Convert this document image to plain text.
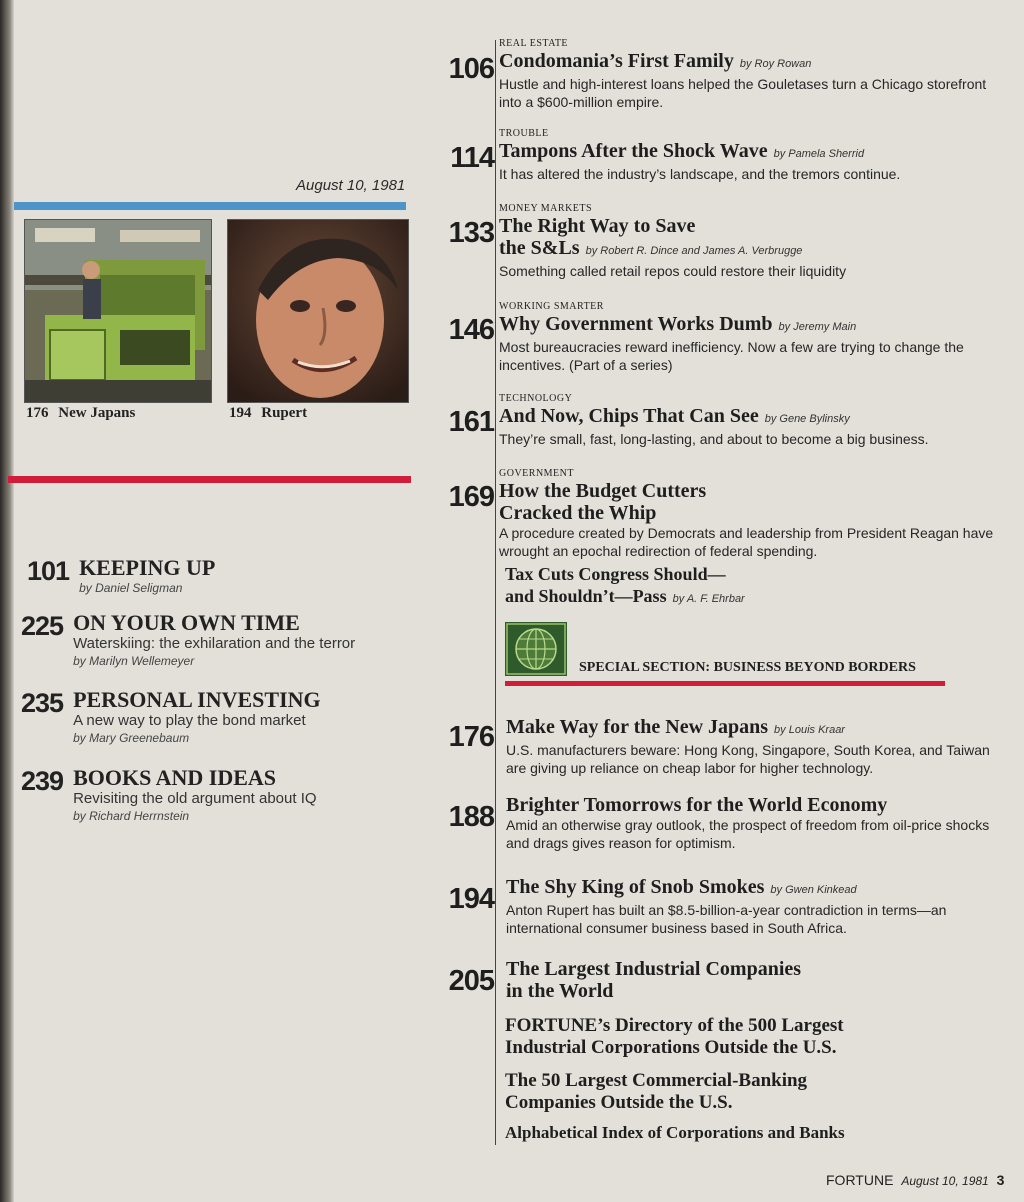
August 10, 1981
176 New Japans	194 Rupert
101 KEEPING UP
by Daniel Seligman
225 ON YOUR OWN TIME
Waterskiing: the exhilaration and the terror
by Marilyn Wellemeyer
235 PERSONAL INVESTING
A new way to play the bond market
by Mary Greenebaum
239 BOOKS AND IDEAS
Revisiting the old argument about IQ
by Richard Herrnstein
106
REAL ESTATE
Condomania’s First Family by Roy Rowan
Hustle and high-interest loans helped the Gouletases turn a Chicago storefront into a $600-million empire.
114
TROUBLE
Tampons After the Shock Wave by Pamela Sherrid
It has altered the industry’s landscape, and the tremors continue.
133
MONEY MARKETS
The Right Way to Save
the S&Ls by Robert R. Dince and James A. Verbrugge
Something called retail repos could restore their liquidity
146
WORKING SMARTER
Why Government Works Dumb by Jeremy Main
Most bureaucracies reward inefficiency. Now a few are trying to change the incentives. (Part of a series)
161
TECHNOLOGY
And Now, Chips That Can See by Gene Bylinsky
They’re small, fast, long-lasting, and about to become a big business.
169
GOVERNMENT
How the Budget Cutters
Cracked the Whip
A procedure created by Democrats and leadership from President Reagan have wrought an epochal redirection of federal spending.
Tax Cuts Congress Should—
and Shouldn’t—Pass by A. F. Ehrbar
SPECIAL SECTION: BUSINESS BEYOND BORDERS
176 Make Way for the New Japans by Louis Kraar
U.S. manufacturers beware: Hong Kong, Singapore, South Korea, and Taiwan are giving up reliance on cheap labor for higher technology.
188 Brighter Tomorrows for the World Economy
Amid an otherwise gray outlook, the prospect of freedom from oil-price shocks and drags gives reason for optimism.
194 The Shy King of Snob Smokes by Gwen Kinkead
Anton Rupert has built an $8.5-billion-a-year contradiction in terms—an international consumer business based in South Africa.
205 The Largest Industrial Companies
in the World
FORTUNE’s Directory of the 500 Largest
Industrial Corporations Outside the U.S.
The 50 Largest Commercial-Banking
Companies Outside the U.S.
Alphabetical Index of Corporations and Banks
FORTUNE August 10, 1981 3
